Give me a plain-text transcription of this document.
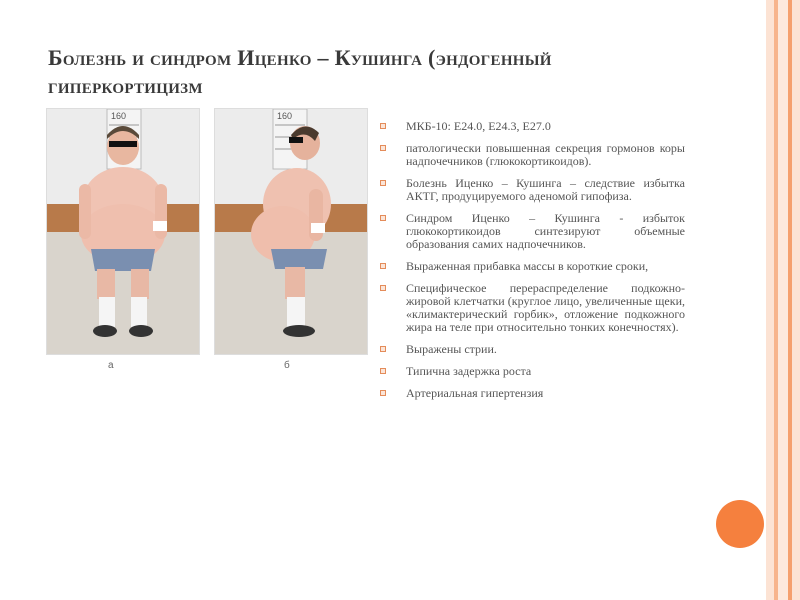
Болезнь и синдром Иценко – Кушинга (эндогенный
гиперкортицизм
160
а
160
б
МКБ-10: E24.0, E24.3, E27.0
патологически повышенная секреция гормонов коры надпочечников (глюкокортикоидов).
Болезнь Иценко – Кушинга – следствие избытка АКТГ, продуцируемого аденомой гипофиза.
Синдром Иценко – Кушинга - избыток глюкокортикоидов синтезируют объемные образования самих надпочечников.
Выраженная прибавка массы в короткие сроки,
Специфическое перераспределение подкожно-жировой клетчатки (круглое лицо, увеличенные щеки, «климактерический горбик», отложение подкожного жира на теле при относительно тонких конечностях).
Выражены стрии.
Типична задержка роста
Артериальная гипертензия
